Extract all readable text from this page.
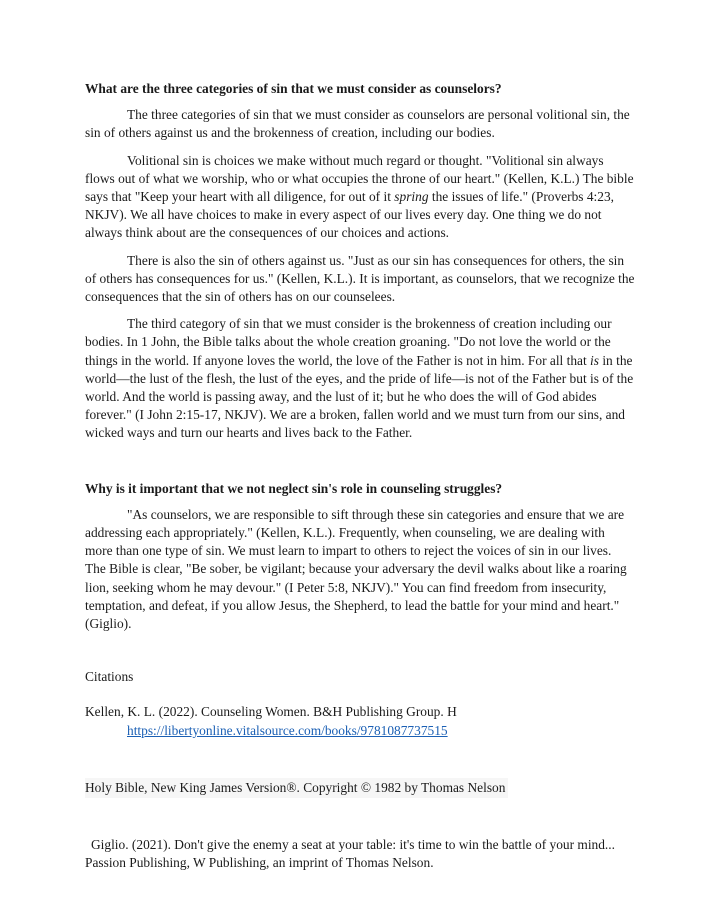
What are the three categories of sin that we must consider as counselors?

The three categories of sin that we must consider as counselors are personal volitional sin, the sin of others against us and the brokenness of creation, including our bodies.

Volitional sin is choices we make without much regard or thought. "Volitional sin always flows out of what we worship, who or what occupies the throne of our heart." (Kellen, K.L.) The bible says that "Keep your heart with all diligence, for out of it spring the issues of life." (Proverbs 4:23, NKJV). We all have choices to make in every aspect of our lives every day. One thing we do not always think about are the consequences of our choices and actions.

There is also the sin of others against us. "Just as our sin has consequences for others, the sin of others has consequences for us." (Kellen, K.L.). It is important, as counselors, that we recognize the consequences that the sin of others has on our counselees.

The third category of sin that we must consider is the brokenness of creation including our bodies. In 1 John, the Bible talks about the whole creation groaning. "Do not love the world or the things in the world. If anyone loves the world, the love of the Father is not in him. For all that is in the world—the lust of the flesh, the lust of the eyes, and the pride of life—is not of the Father but is of the world. And the world is passing away, and the lust of it; but he who does the will of God abides forever." (I John 2:15-17, NKJV). We are a broken, fallen world and we must turn from our sins, and wicked ways and turn our hearts and lives back to the Father.

Why is it important that we not neglect sin's role in counseling struggles?

"As counselors, we are responsible to sift through these sin categories and ensure that we are addressing each appropriately." (Kellen, K.L.). Frequently, when counseling, we are dealing with more than one type of sin. We must learn to impart to others to reject the voices of sin in our lives. The Bible is clear, "Be sober, be vigilant; because your adversary the devil walks about like a roaring lion, seeking whom he may devour." (I Peter 5:8, NKJV)." You can find freedom from insecurity, temptation, and defeat, if you allow Jesus, the Shepherd, to lead the battle for your mind and heart." (Giglio).

Citations

Kellen, K. L. (2022). Counseling Women. B&H Publishing Group. H
https://libertyonline.vitalsource.com/books/9781087737515

Holy Bible, New King James Version®. Copyright © 1982 by Thomas Nelson

Giglio. (2021). Don't give the enemy a seat at your table: it's time to win the battle of your mind... Passion Publishing, W Publishing, an imprint of Thomas Nelson.
